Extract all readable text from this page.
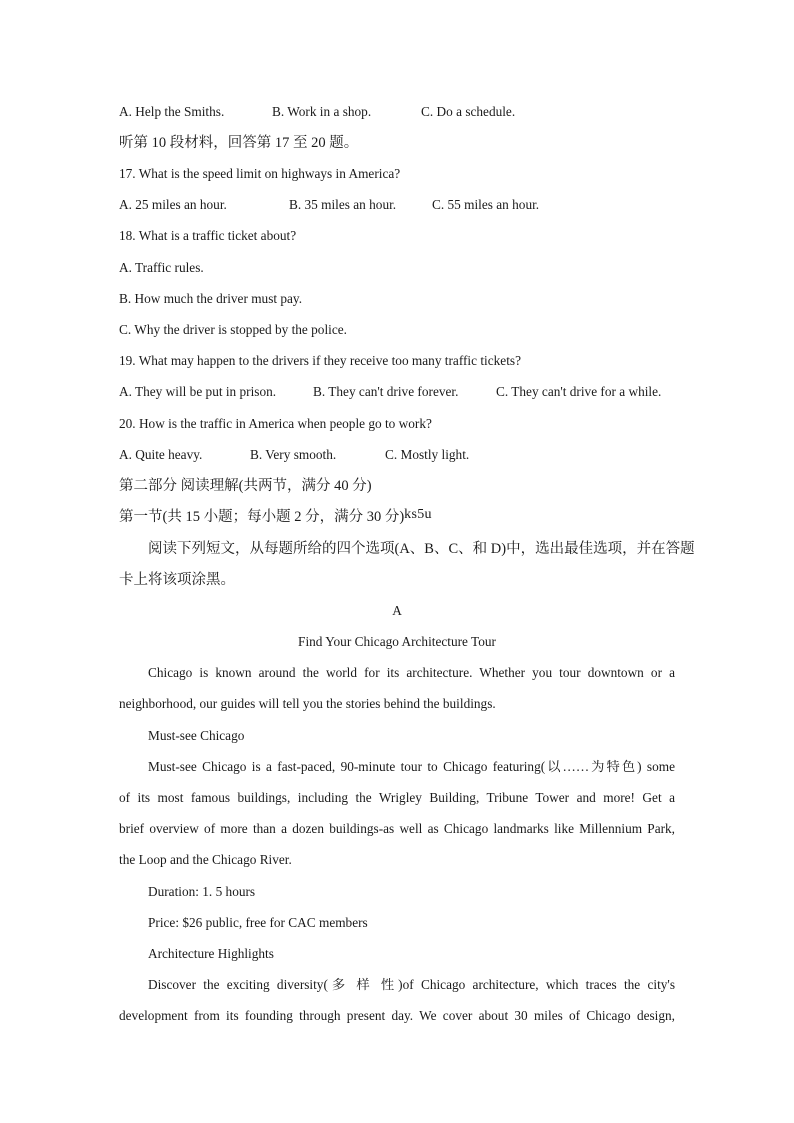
A. Help the Smiths.	B. Work in a shop.	C. Do a schedule.
听第 10 段材料，回答第 17 至 20 题。
17. What is the speed limit on highways in America?
A. 25 miles an hour.	B. 35 miles an hour.	C. 55 miles an hour.
18. What is a traffic ticket about?
A. Traffic rules.
B. How much the driver must pay.
C. Why the driver is stopped by the police.
19. What may happen to the drivers if they receive too many traffic tickets?
A. They will be put in prison.	B. They can't drive forever.	C. They can't drive for a while.
20. How is the traffic in America when people go to work?
A. Quite heavy.	B. Very smooth.	C. Mostly light.
第二部分 阅读理解(共两节，满分 40 分)
第一节(共 15 小题；每小题 2 分，满分 30 分)ks5u
阅读下列短文，从每题所给的四个选项(A、B、C、和 D)中，选出最佳选项，并在答题
卡上将该项涂黑。
A
Find Your Chicago Architecture Tour
Chicago is known around the world for its architecture. Whether you tour downtown or a
neighborhood, our guides will tell you the stories behind the buildings.
Must-see Chicago
Must-see Chicago is a fast-paced, 90-minute tour to Chicago featuring(以……为特色) some
of its most famous buildings, including the Wrigley Building, Tribune Tower and more! Get a
brief overview of more than a dozen buildings-as well as Chicago landmarks like Millennium Park,
the Loop and the Chicago River.
Duration: 1. 5 hours
Price: $26 public, free for CAC members
Architecture Highlights
Discover the exciting diversity(多 样 性)of Chicago architecture, which traces the city's
development from its founding through present day. We cover about 30 miles of Chicago design,
